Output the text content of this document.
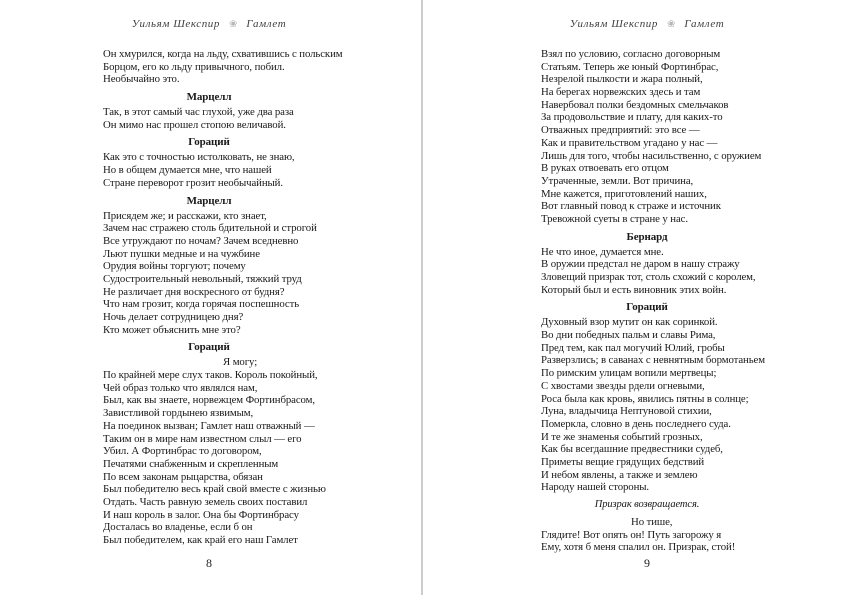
Уильям Шекспир ❀ Гамлет
Он хмурился, когда на льду, схватившись с польским
Борцом, его ко льду привычного, побил.
Необычайно это.
Марцелл
Так, в этот самый час глухой, уже два раза
Он мимо нас прошел стопою величавой.
Гораций
Как это с точностью истолковать, не знаю,
Но в общем думается мне, что нашей
Стране переворот грозит необычайный.
Марцелл
Присядем же; и расскажи, кто знает,
Зачем нас стражею столь бдительной и строгой
Все утруждают по ночам? Зачем вседневно
Льют пушки медные и на чужбине
Орудия войны торгуют; почему
Судостроительный невольный, тяжкий труд
Не различает дня воскресного от будня?
Что нам грозит, когда горячая поспешность
Ночь делает сотрудницею дня?
Кто может объяснить мне это?
Гораций
Я могу;
По крайней мере слух таков. Король покойный,
Чей образ только что являлся нам,
Был, как вы знаете, норвежцем Фортинбрасом,
Завистливой гордынею язвимым,
На поединок вызван; Гамлет наш отважный —
Таким он в мире нам известном слыл — его
Убил. А Фортинбрас то договором,
Печатями снабженным и скрепленным
По всем законам рыцарства, обязан
Был победителю весь край свой вместе с жизнью
Отдать. Часть равную земель своих поставил
И наш король в залог. Она бы Фортинбрасу
Досталась во владенье, если б он
Был победителем, как край его наш Гамлет
8
Уильям Шекспир ❀ Гамлет
Взял по условию, согласно договорным
Статьям. Теперь же юный Фортинбрас,
Незрелой пылкости и жара полный,
На берегах норвежских здесь и там
Навербовал полки бездомных смельчаков
За продовольствие и плату, для каких-то
Отважных предприятий: это все —
Как и правительством угадано у нас —
Лишь для того, чтобы насильственно, с оружием
В руках отвоевать его отцом
Утраченные, земли. Вот причина,
Мне кажется, приготовлений наших,
Вот главный повод к страже и источник
Тревожной суеты в стране у нас.
Бернард
Не что иное, думается мне.
В оружии предстал не даром в нашу стражу
Зловещий призрак тот, столь схожий с королем,
Который был и есть виновник этих войн.
Гораций
Духовный взор мутит он как соринкой.
Во дни победных пальм и славы Рима,
Пред тем, как пал могучий Юлий, гробы
Разверзлись; в саванах с невнятным бормотаньем
По римским улицам вопили мертвецы;
С хвостами звезды рдели огневыми,
Роса была как кровь, явились пятны в солнце;
Луна, владычица Нептуновой стихии,
Померкла, словно в день последнего суда.
И те же знаменья событий грозных,
Как бы всегдашние предвестники судеб,
Приметы вещие грядущих бедствий
И небом явлены, а также и землею
Народу нашей стороны.
Призрак возвращается.
Но тише,
Глядите! Вот опять он! Путь загорожу я
Ему, хотя б меня спалил он. Призрак, стой!
9
